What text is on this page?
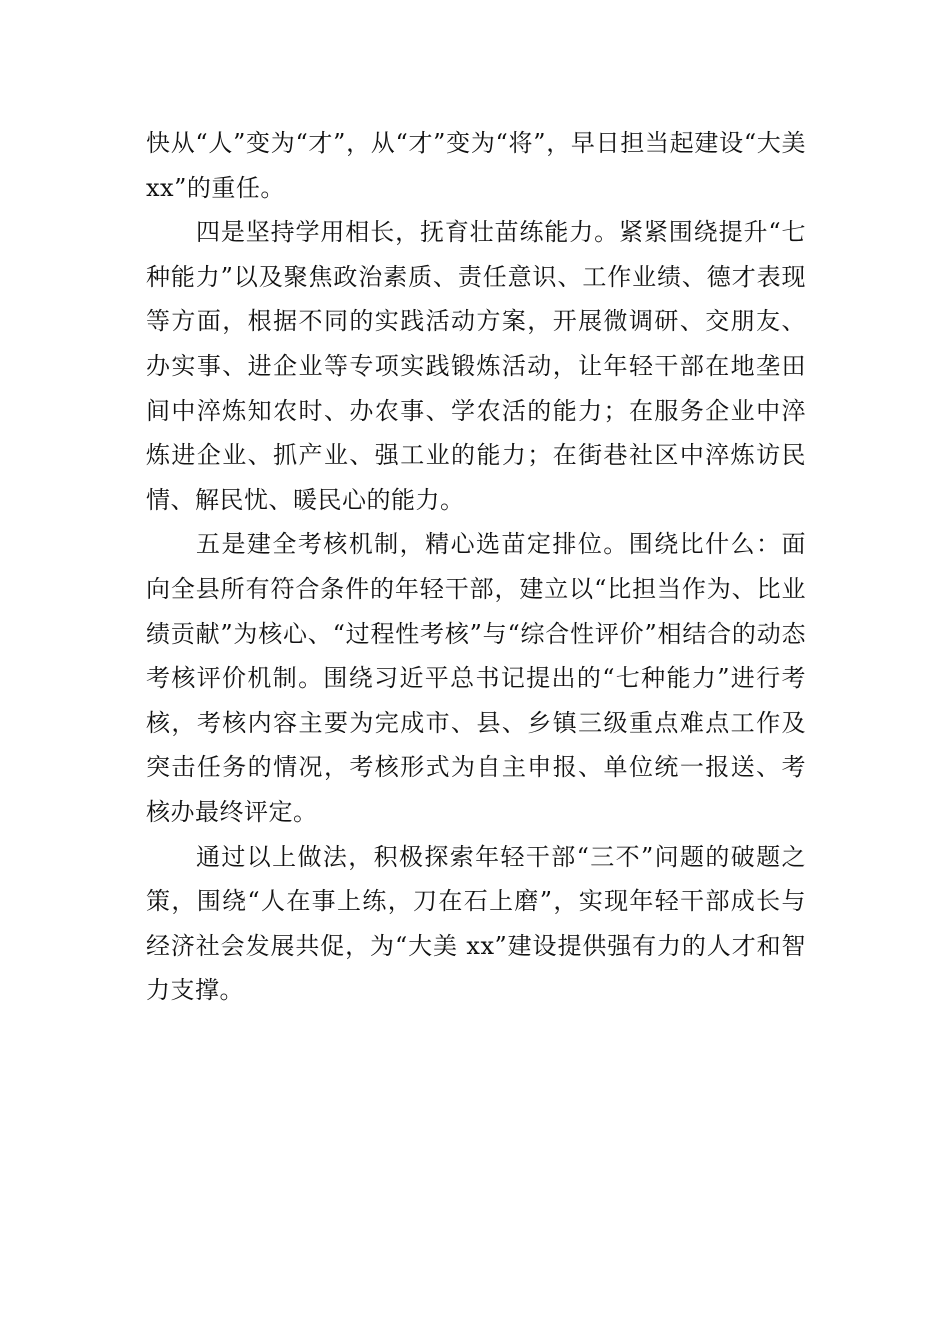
快从“人”变为“才”，从“才”变为“将”，早日担当起建设“大美 xx”的重任。

四是坚持学用相长，抚育壮苗练能力。紧紧围绕提升“七种能力”以及聚焦政治素质、责任意识、工作业绩、德才表现等方面，根据不同的实践活动方案，开展微调研、交朋友、办实事、进企业等专项实践锻炼活动，让年轻干部在地垄田间中淬炼知农时、办农事、学农活的能力；在服务企业中淬炼进企业、抓产业、强工业的能力；在街巷社区中淬炼访民情、解民忧、暖民心的能力。

五是建全考核机制，精心选苗定排位。围绕比什么：面向全县所有符合条件的年轻干部，建立以“比担当作为、比业绩贡献”为核心、“过程性考核”与“综合性评价”相结合的动态考核评价机制。围绕习近平总书记提出的“七种能力”进行考核，考核内容主要为完成市、县、乡镇三级重点难点工作及突击任务的情况，考核形式为自主申报、单位统一报送、考核办最终评定。

通过以上做法，积极探索年轻干部“三不”问题的破题之策，围绕“人在事上练，刀在石上磨”，实现年轻干部成长与经济社会发展共促，为“大美 xx”建设提供强有力的人才和智力支撑。
